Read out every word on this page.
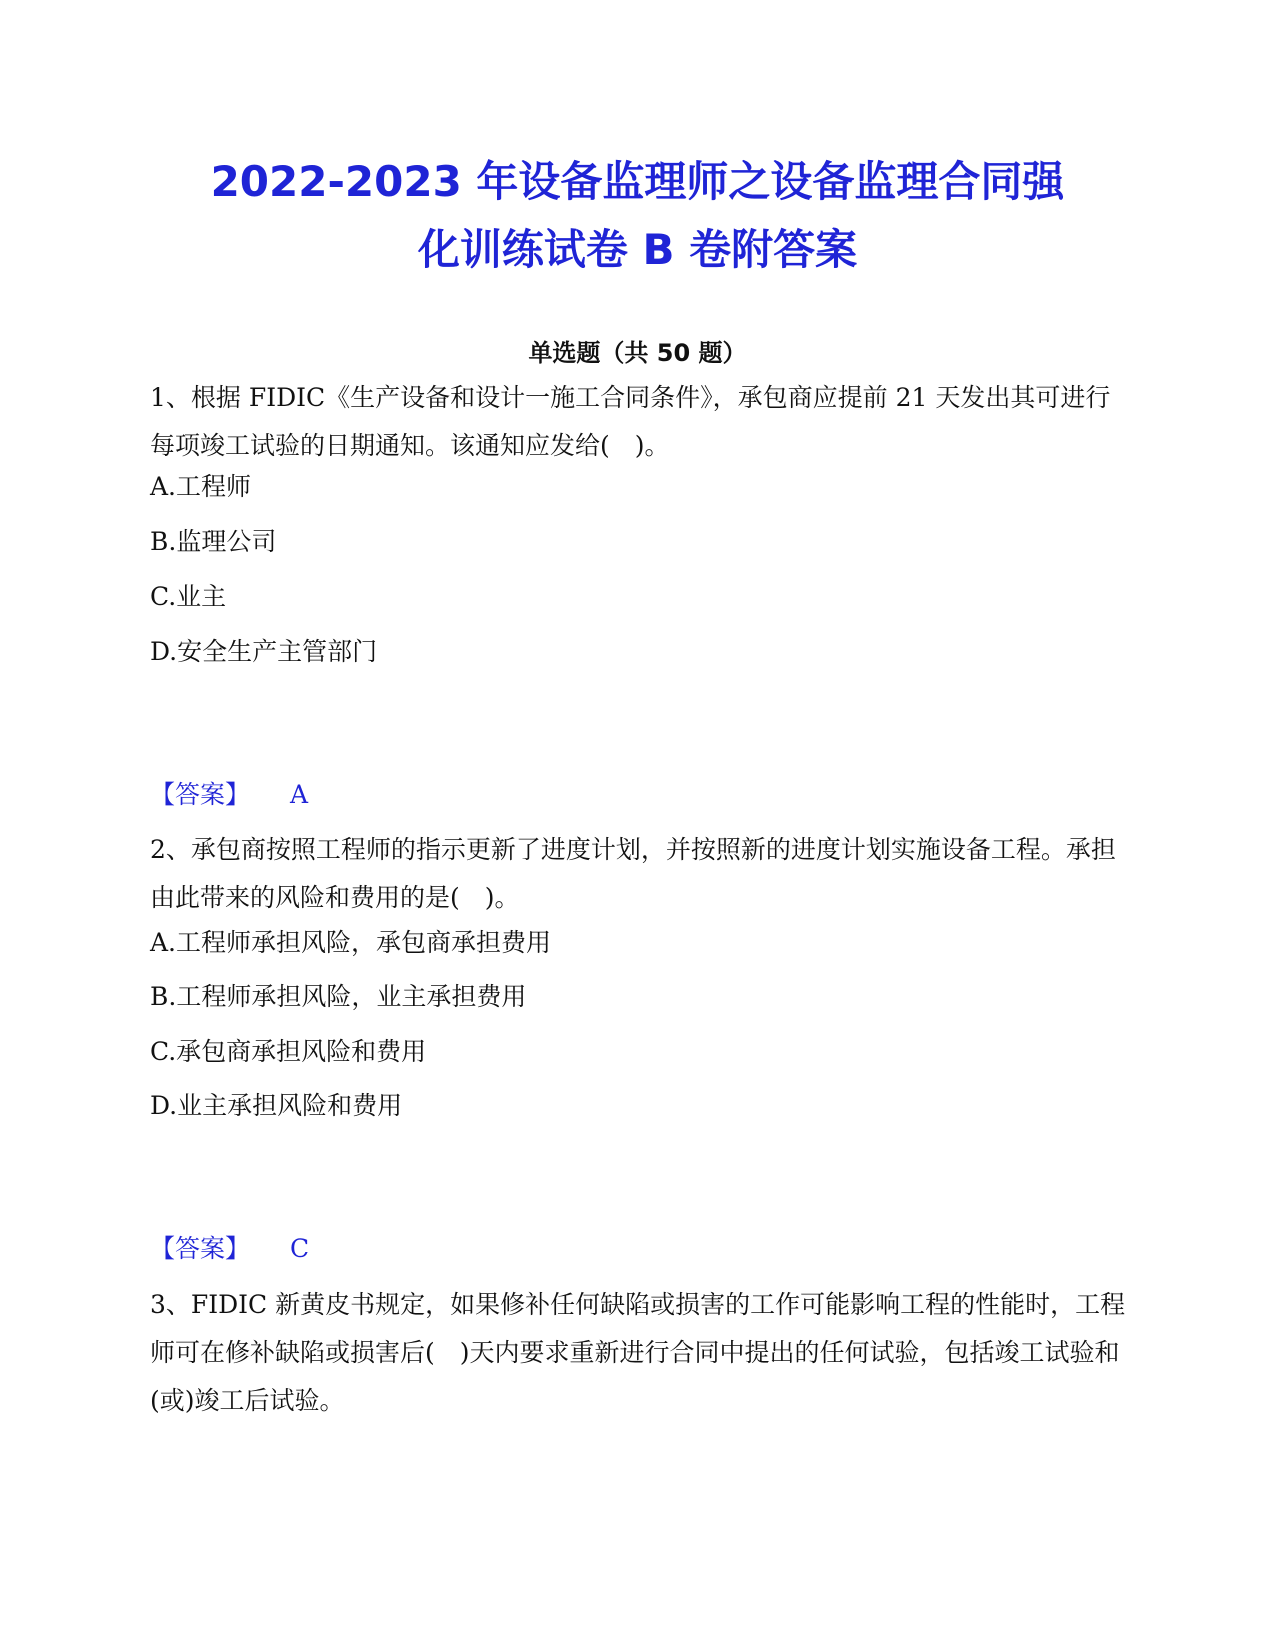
2022-2023 年设备监理师之设备监理合同强
化训练试卷 B 卷附答案
单选题（共 50 题）

1、根据 FIDIC《生产设备和设计一施工合同条件》，承包商应提前 21 天发出其可进行每项竣工试验的日期通知。该通知应发给(　)。

A.工程师

B.监理公司

C.业主

D.安全生产主管部门

【答案】 A

2、承包商按照工程师的指示更新了进度计划，并按照新的进度计划实施设备工程。承担由此带来的风险和费用的是(　)。

A.工程师承担风险，承包商承担费用

B.工程师承担风险，业主承担费用

C.承包商承担风险和费用

D.业主承担风险和费用

【答案】 C

3、FIDIC 新黄皮书规定，如果修补任何缺陷或损害的工作可能影响工程的性能时，工程师可在修补缺陷或损害后(　)天内要求重新进行合同中提出的任何试验，包括竣工试验和(或)竣工后试验。
